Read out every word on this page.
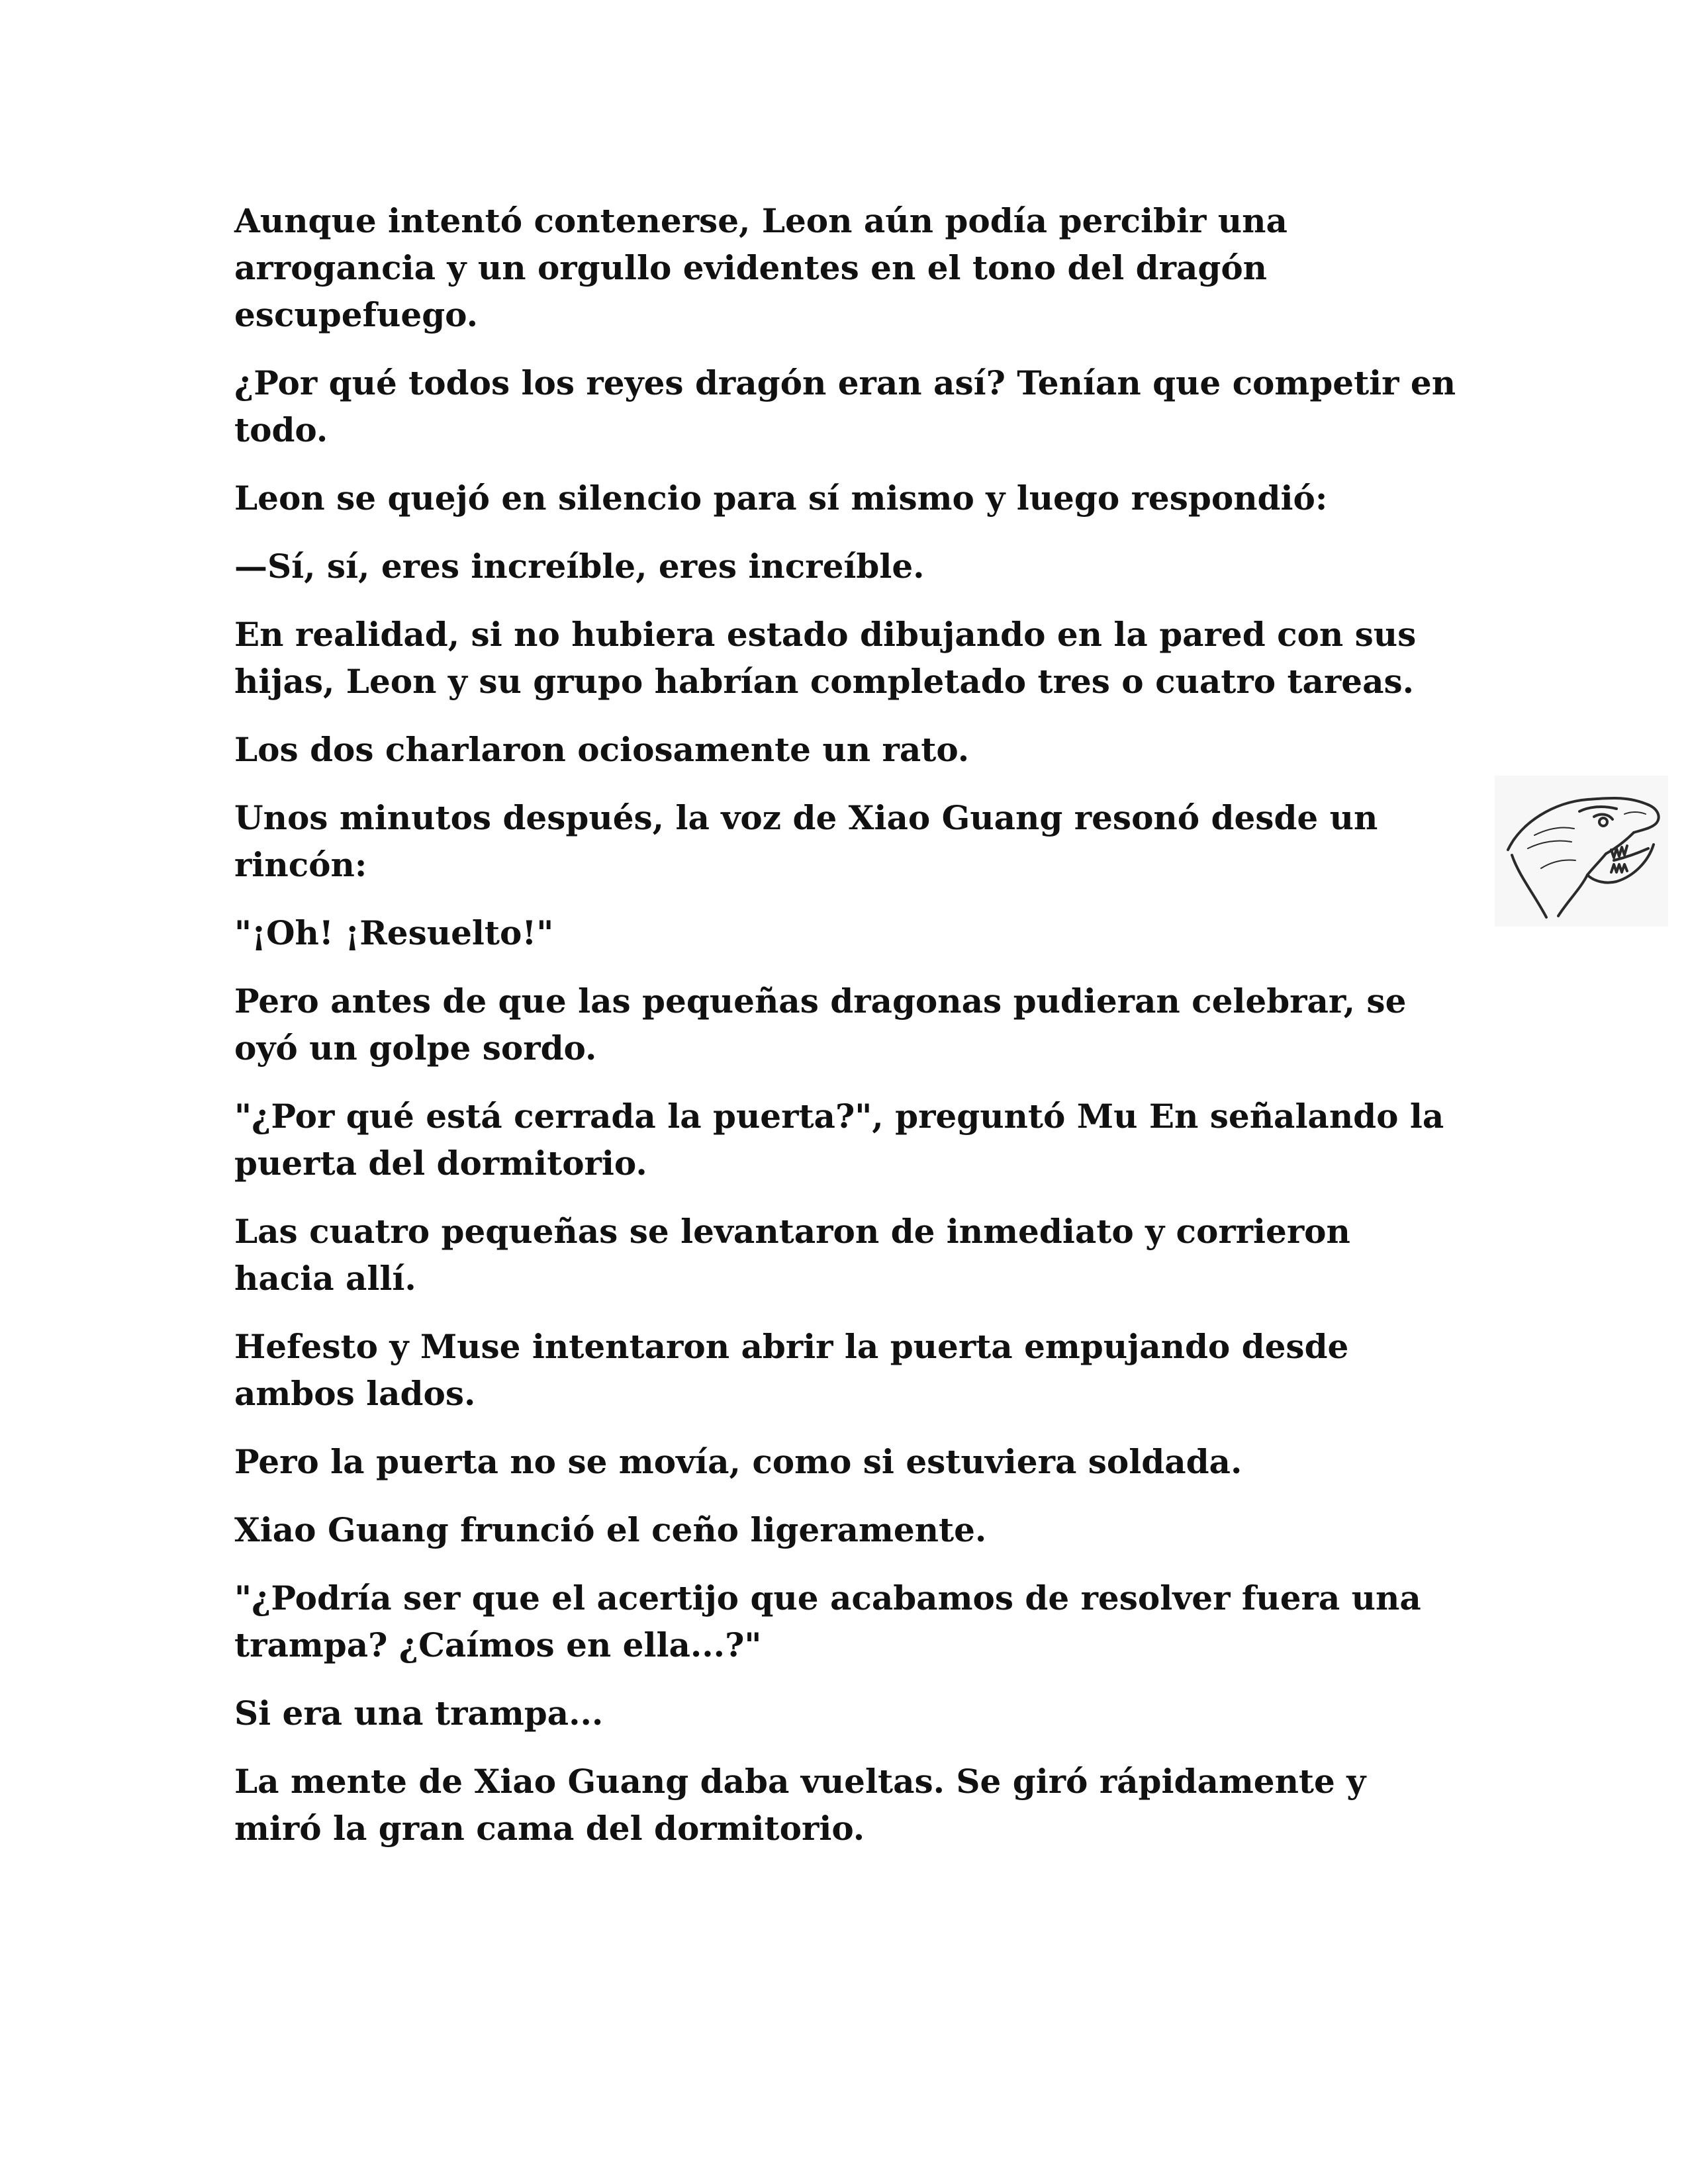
Aunque intentó contenerse, Leon aún podía percibir una arrogancia y un orgullo evidentes en el tono del dragón escupefuego.

¿Por qué todos los reyes dragón eran así? Tenían que competir en todo.

Leon se quejó en silencio para sí mismo y luego respondió:

—Sí, sí, eres increíble, eres increíble.

En realidad, si no hubiera estado dibujando en la pared con sus hijas, Leon y su grupo habrían completado tres o cuatro tareas.

Los dos charlaron ociosamente un rato.

Unos minutos después, la voz de Xiao Guang resonó desde un rincón:

"¡Oh! ¡Resuelto!"

Pero antes de que las pequeñas dragonas pudieran celebrar, se oyó un golpe sordo.

"¿Por qué está cerrada la puerta?", preguntó Mu En señalando la puerta del dormitorio.

Las cuatro pequeñas se levantaron de inmediato y corrieron hacia allí.

Hefesto y Muse intentaron abrir la puerta empujando desde ambos lados.

Pero la puerta no se movía, como si estuviera soldada.

Xiao Guang frunció el ceño ligeramente.

"¿Podría ser que el acertijo que acabamos de resolver fuera una trampa? ¿Caímos en ella...?"

Si era una trampa...

La mente de Xiao Guang daba vueltas. Se giró rápidamente y miró la gran cama del dormitorio.
